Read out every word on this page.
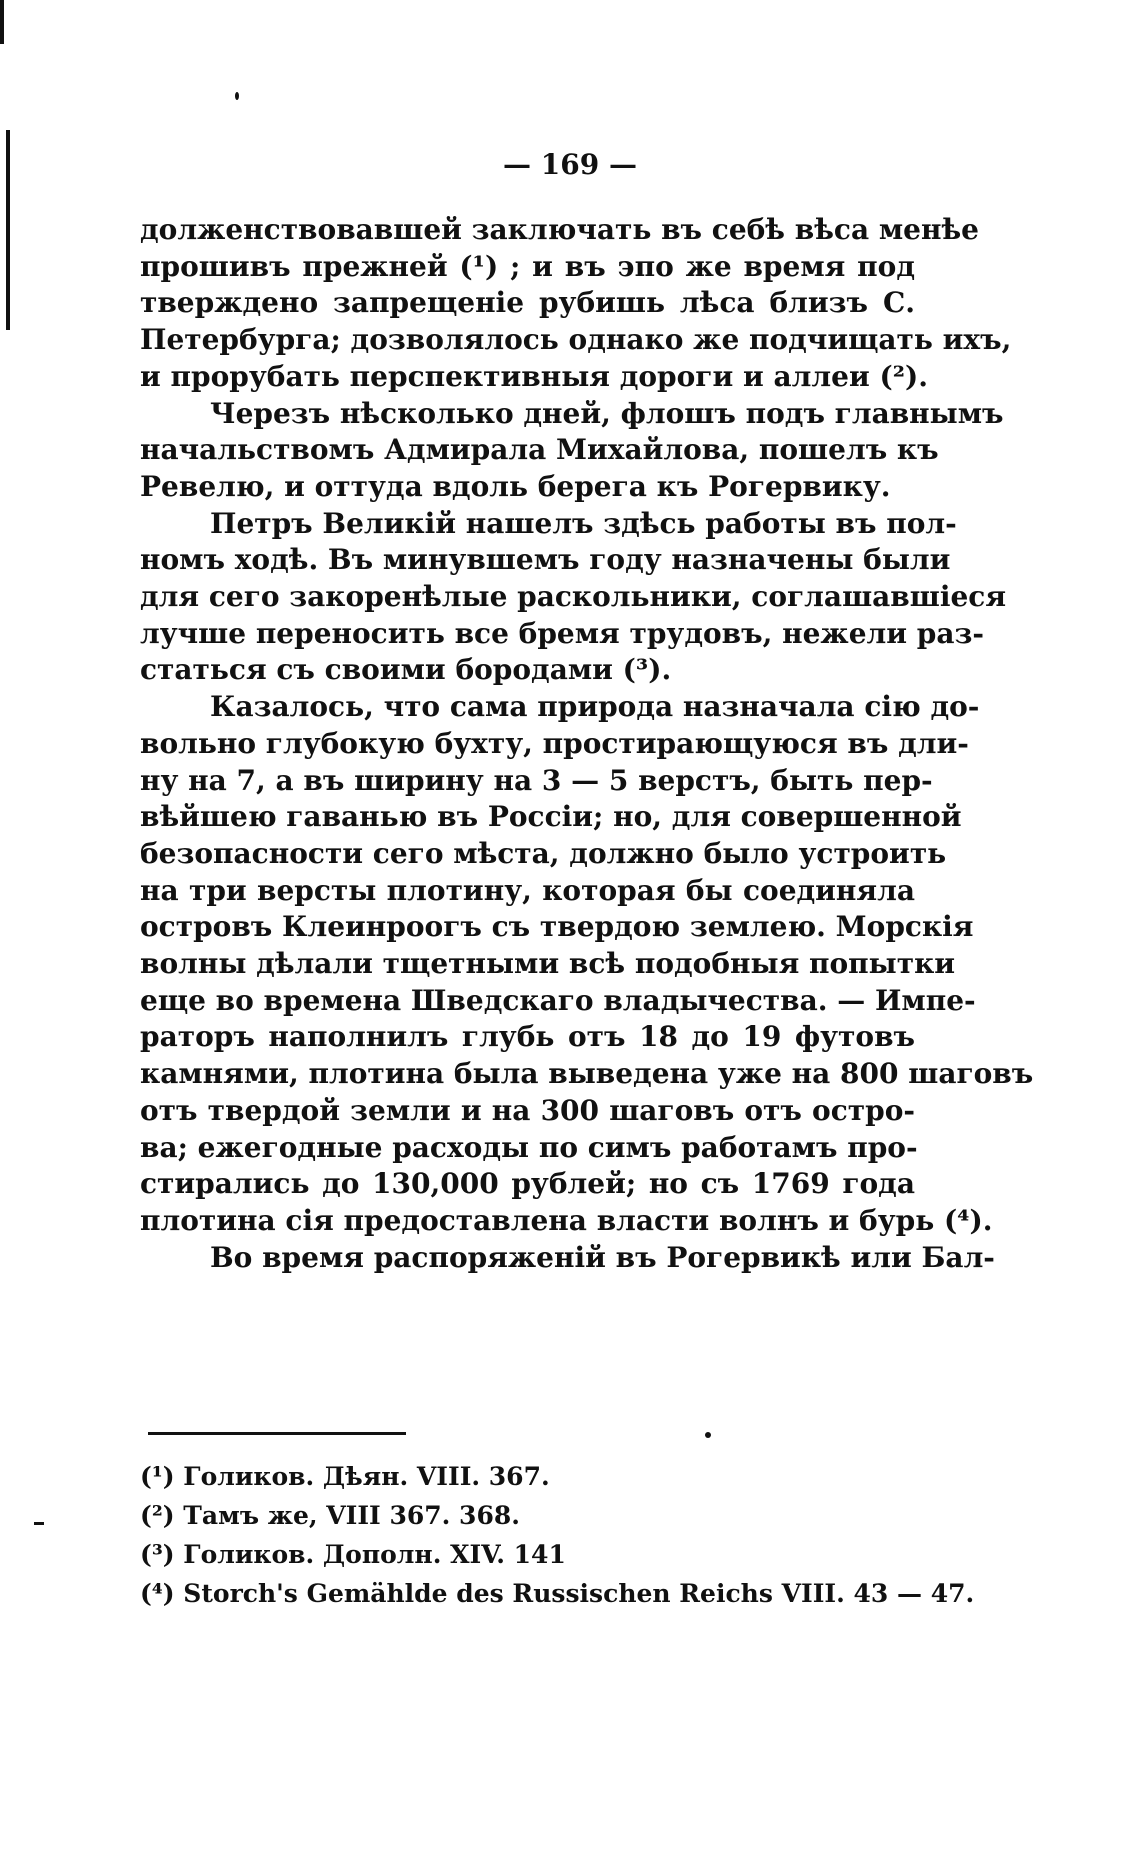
— 169 —
долженствовавшей заключать въ себѣ вѣса менѣе
прошивъ прежней (¹) ; и въ эпо же время под
тверждено запрещеніе рубишь лѣса близъ С.
Петербурга; дозволялось однако же подчищать ихъ,
и прорубать перспективныя дороги и аллеи (²).
Черезъ нѣсколько дней, флошъ подъ главнымъ
начальствомъ Адмирала Михайлова, пошелъ къ
Ревелю, и оттуда вдоль берега къ Рогервику.
Петръ Великій нашелъ здѣсь работы въ пол-
номъ ходѣ. Въ минувшемъ году назначены были
для сего закоренѣлые раскольники, соглашавшіеся
лучше переносить все бремя трудовъ, нежели раз-
статься съ своими бородами (³).
Казалось, что сама природа назначала сію до-
вольно глубокую бухту, простирающуюся въ дли-
ну на 7, а въ ширину на 3 — 5 верстъ, быть пер-
вѣйшею гаванью въ Россіи; но, для совершенной
безопасности сего мѣста, должно было устроить
на три версты плотину, которая бы соединяла
островъ Клеинроогъ съ твердою землею. Морскія
волны дѣлали тщетными всѣ подобныя попытки
еще во времена Шведскаго владычества. — Импе-
раторъ наполнилъ глубь отъ 18 до 19 футовъ
камнями, плотина была выведена уже на 800 шаговъ
отъ твердой земли и на 300 шаговъ отъ остро-
ва; ежегодные расходы по симъ работамъ про-
стирались до 130,000 рублей; но съ 1769 года
плотина сія предоставлена власти волнъ и бурь (⁴).
Во время распоряженій въ Рогервикѣ или Бал-
(¹) Голиков. Дѣян. VIII. 367.
(²) Тамъ же, VIII 367. 368.
(³) Голиков. Дополн. XIV. 141
(⁴) Storch's Gemählde des Russischen Reichs VIII. 43 — 47.
